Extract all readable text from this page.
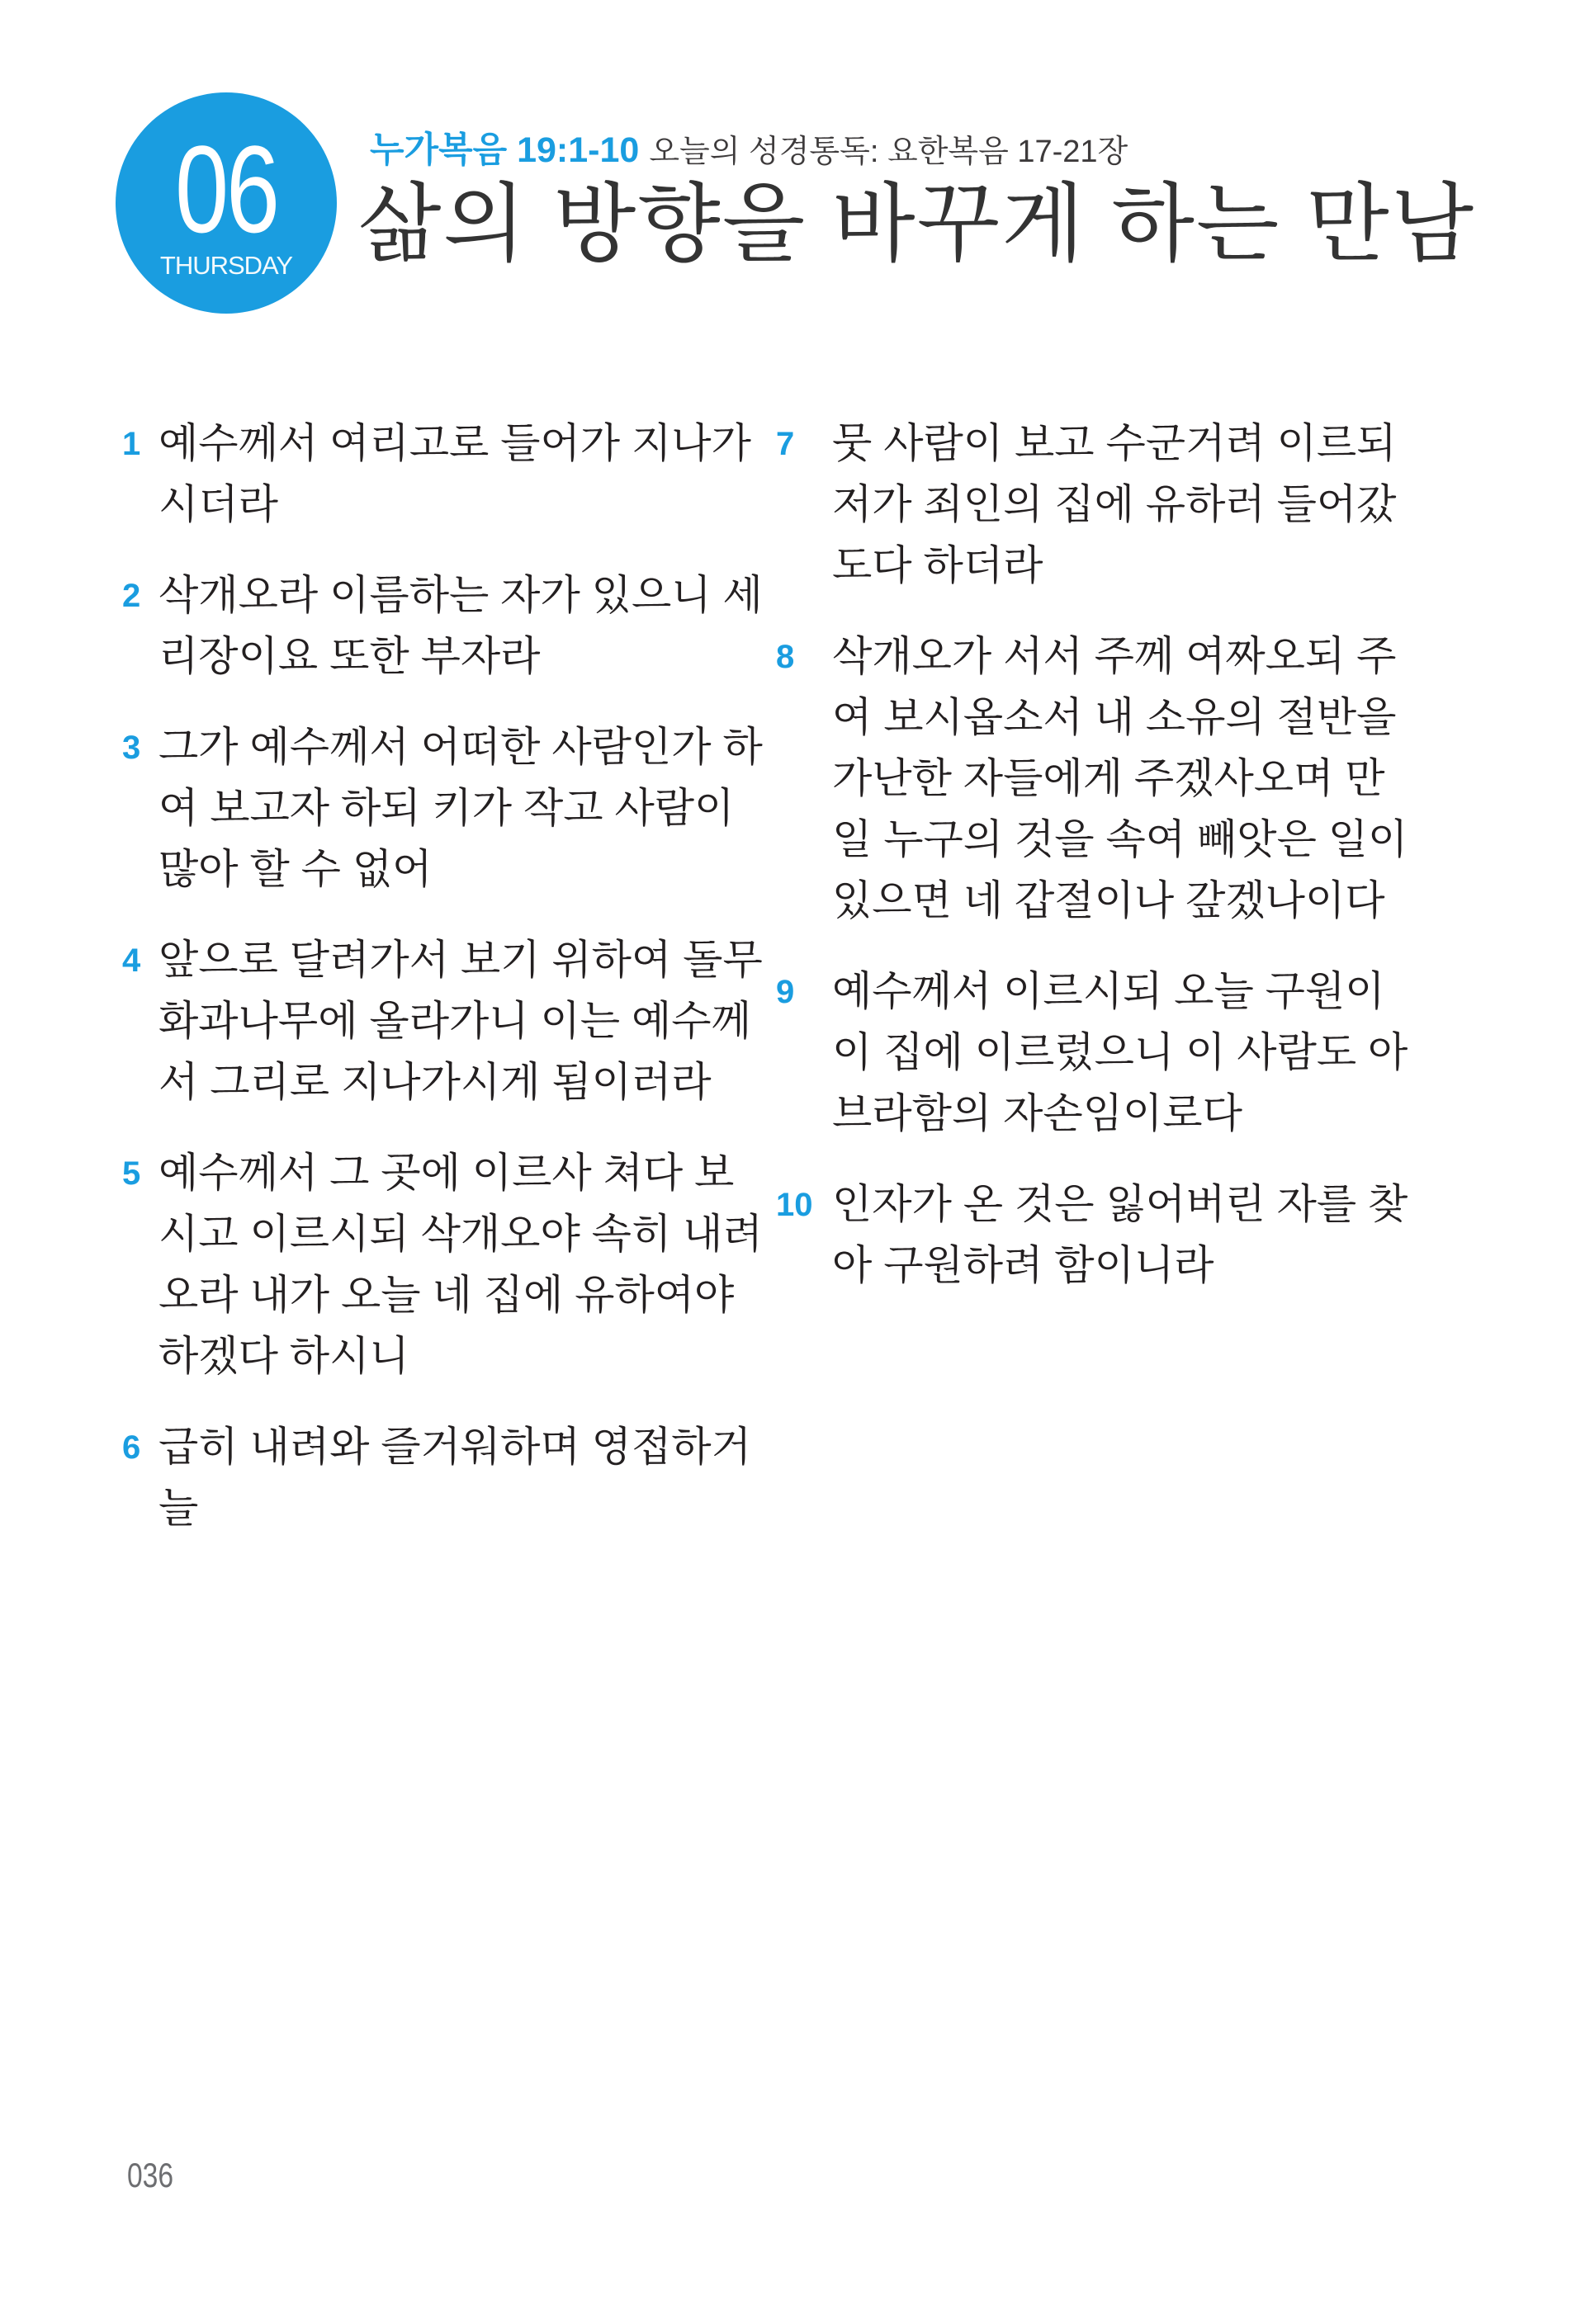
06
THURSDAY
누가복음 19:1-10 오늘의 성경통독: 요한복음 17-21장
삶의 방향을 바꾸게 하는 만남
1 예수께서 여리고로 들어가 지나가
시더라
2 삭개오라 이름하는 자가 있으니 세
리장이요 또한 부자라
3 그가 예수께서 어떠한 사람인가 하
여 보고자 하되 키가 작고 사람이
많아 할 수 없어
4 앞으로 달려가서 보기 위하여 돌무
화과나무에 올라가니 이는 예수께
서 그리로 지나가시게 됨이러라
5 예수께서 그 곳에 이르사 쳐다 보
시고 이르시되 삭개오야 속히 내려
오라 내가 오늘 네 집에 유하여야
하겠다 하시니
6 급히 내려와 즐거워하며 영접하거
늘
7 뭇 사람이 보고 수군거려 이르되
저가 죄인의 집에 유하러 들어갔
도다 하더라
8 삭개오가 서서 주께 여짜오되 주
여 보시옵소서 내 소유의 절반을
가난한 자들에게 주겠사오며 만
일 누구의 것을 속여 빼앗은 일이
있으면 네 갑절이나 갚겠나이다
9 예수께서 이르시되 오늘 구원이
이 집에 이르렀으니 이 사람도 아
브라함의 자손임이로다
10 인자가 온 것은 잃어버린 자를 찾
아 구원하려 함이니라
036
